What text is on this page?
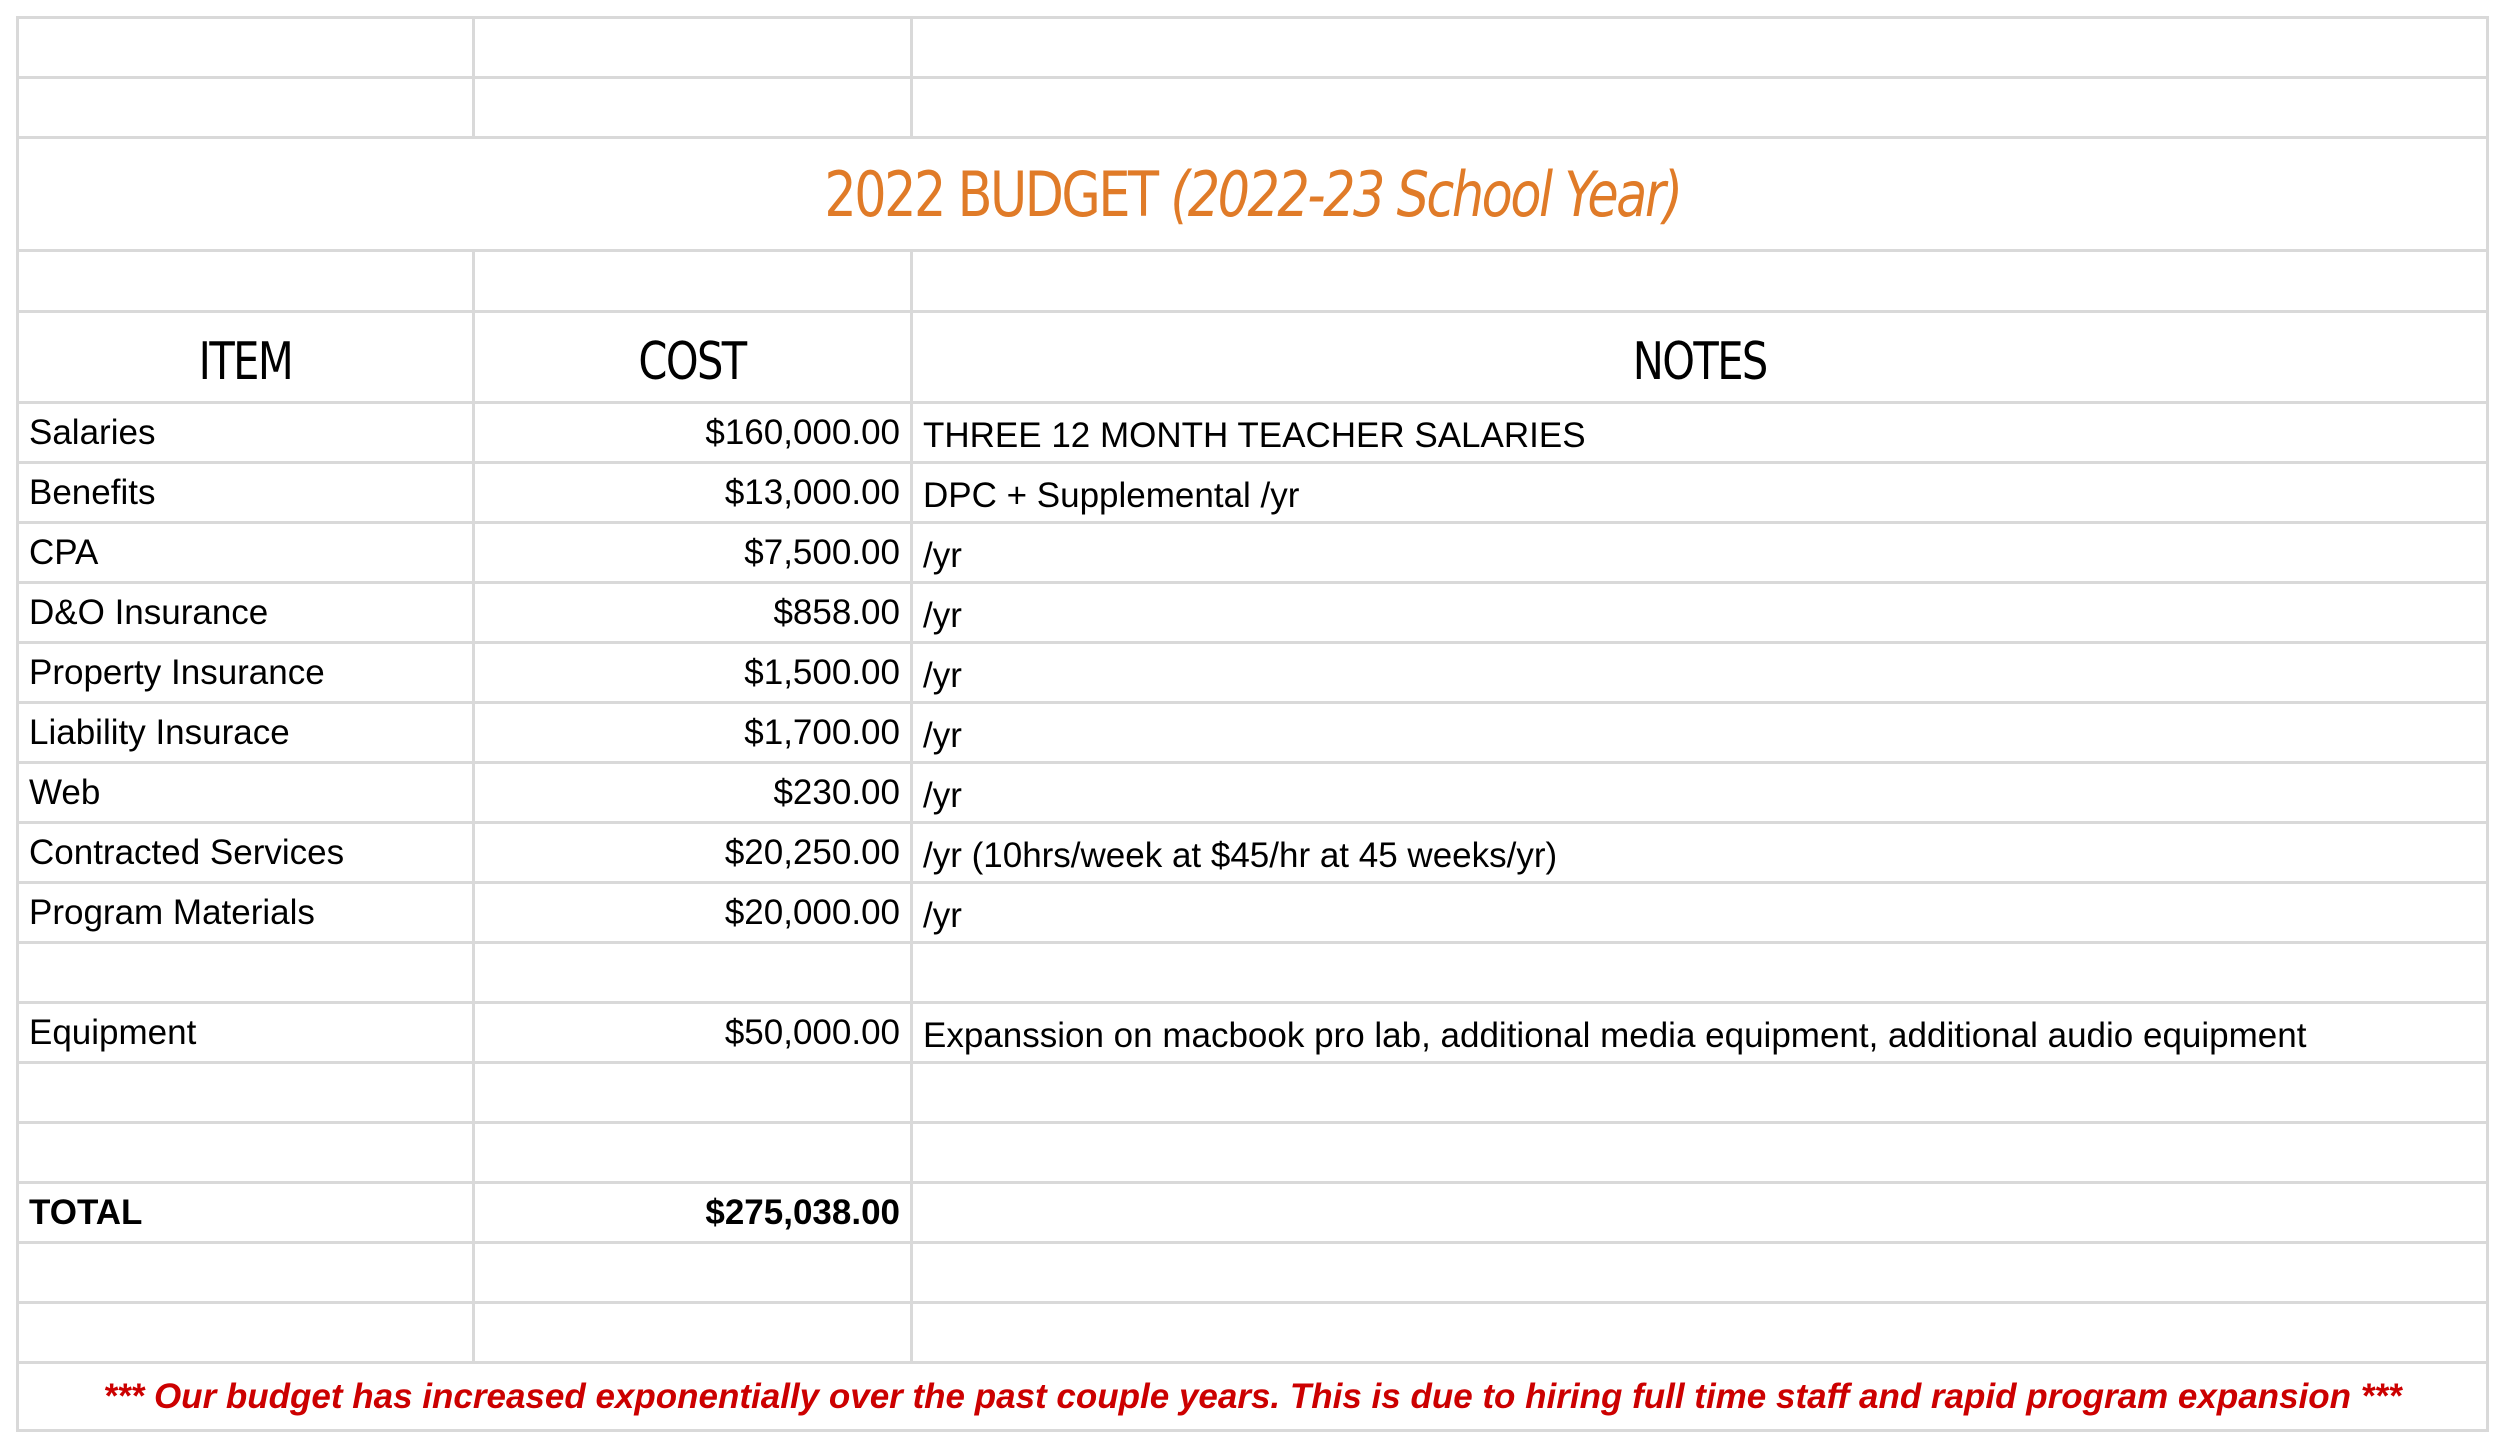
2022 BUDGET (2022-23 School Year)		

ITEM	COST	NOTES
Salaries	$160,000.00	THREE 12 MONTH TEACHER SALARIES
Benefits	$13,000.00	DPC + Supplemental /yr
CPA	$7,500.00	/yr
D&O Insurance	$858.00	/yr
Property Insurance	$1,500.00	/yr
Liability Insurace	$1,700.00	/yr
Web	$230.00	/yr
Contracted Services	$20,250.00	/yr (10hrs/week at $45/hr at 45 weeks/yr)
Program Materials	$20,000.00	/yr

Equipment	$50,000.00	Expanssion on macbook pro lab, additional media equipment, additional audio equipment

TOTAL	$275,038.00	

*** Our budget has increased exponentially over the past couple years. This is due to hiring full time staff and rapid program expansion ***		
